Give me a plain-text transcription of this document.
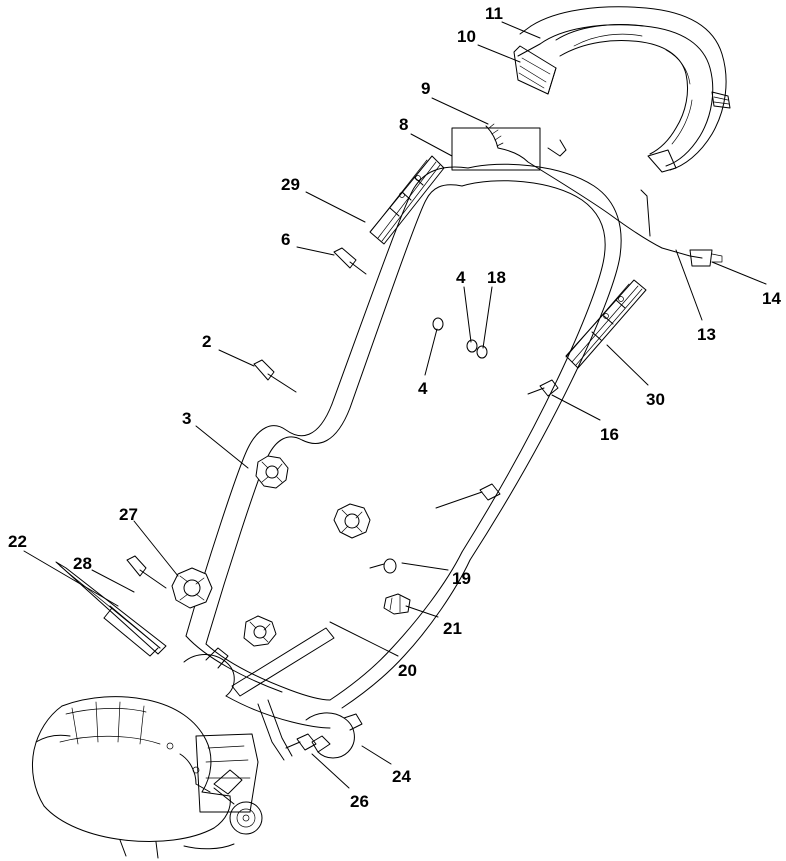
11
10
9
8
29
6
2
4 18
4
14
13
30
16
3
27
28
22
19
21
20
24
26
